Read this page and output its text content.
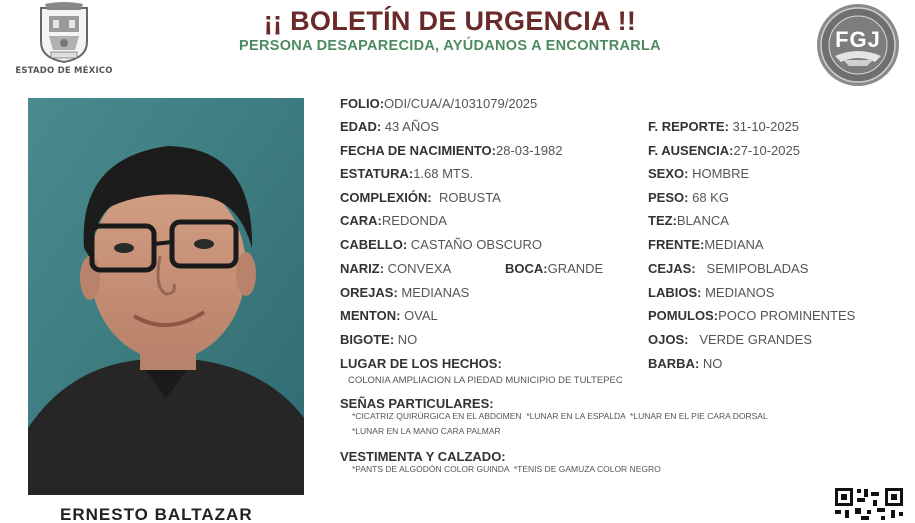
ESTADO DE MÉXICO
¡¡ BOLETÍN DE URGENCIA !!
PERSONA DESAPARECIDA, AYÚDANOS A ENCONTRARLA	FGJ
ERNESTO BALTAZAR
FOLIO:ODI/CUA/A/1031079/2025
EDAD: 43 AÑOS
FECHA DE NACIMIENTO:28-03-1982
ESTATURA:1.68 MTS.
COMPLEXIÓN: ROBUSTA
CARA:REDONDA
CABELLO: CASTAÑO OBSCURO
NARIZ: CONVEXA	BOCA:GRANDE
OREJAS: MEDIANAS
MENTON: OVAL
BIGOTE: NO
F. REPORTE: 31-10-2025
F. AUSENCIA:27-10-2025
SEXO: HOMBRE
PESO: 68 KG
TEZ:BLANCA
FRENTE:MEDIANA
CEJAS: SEMIPOBLADAS
LABIOS: MEDIANOS
POMULOS:POCO PROMINENTES
OJOS: VERDE GRANDES
BARBA: NO
LUGAR DE LOS HECHOS:
COLONIA AMPLIACION LA PIEDAD MUNICIPIO DE TULTEPEC
SEÑAS PARTICULARES:
*CICATRIZ QUIRÚRGICA EN EL ABDOMEN  *LUNAR EN LA ESPALDA  *LUNAR EN EL PIE CARA DORSAL
*LUNAR EN LA MANO CARA PALMAR
VESTIMENTA Y CALZADO:
*PANTS DE ALGODÓN COLOR GUINDA  *TENIS DE GAMUZA COLOR NEGRO
